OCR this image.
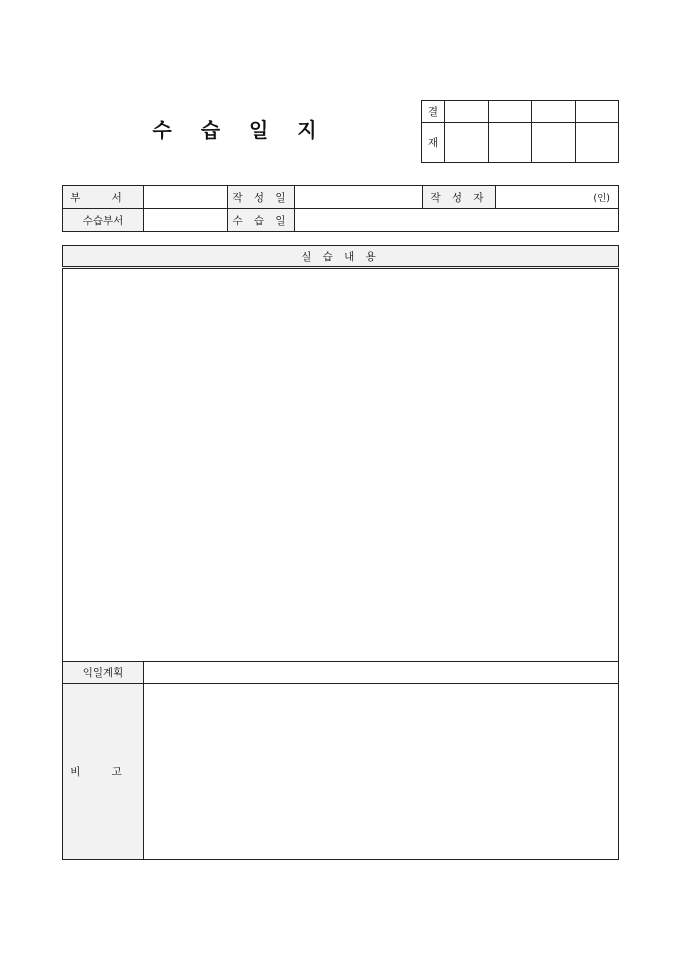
수 습 일 지
결				
재				
부 서		작 성 일		작 성 자	(인)
수습부서		수 습 일			
실 습 내 용	

익일계획	
비 고	
